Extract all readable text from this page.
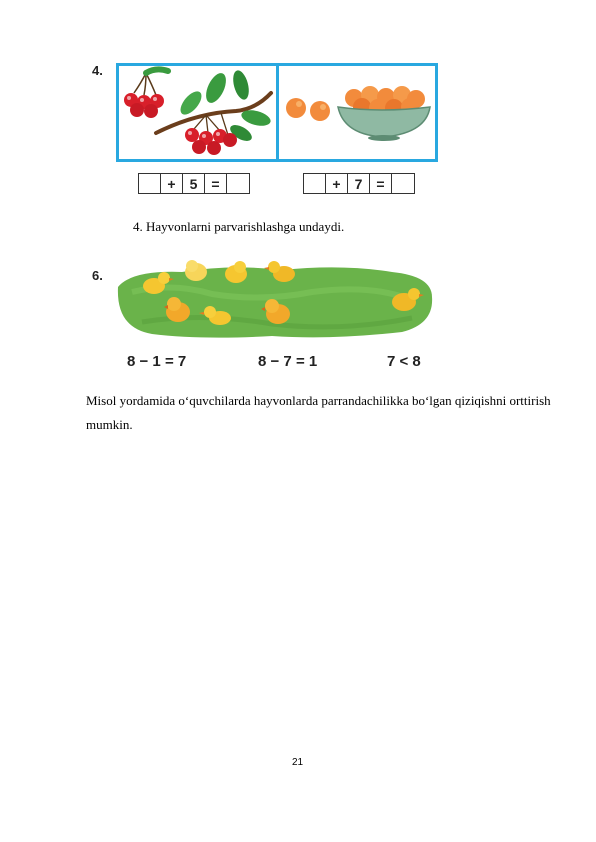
4.
+	5	=	+	7	=
4. Hayvonlarni parvarishlashga undaydi.
6.
8 − 1 = 7	8 − 7 = 1	7 < 8
Misol yordamida o‘quvchilarda hayvonlarda parrandachilikka bo‘lgan qiziqishni orttirish mumkin.
21
